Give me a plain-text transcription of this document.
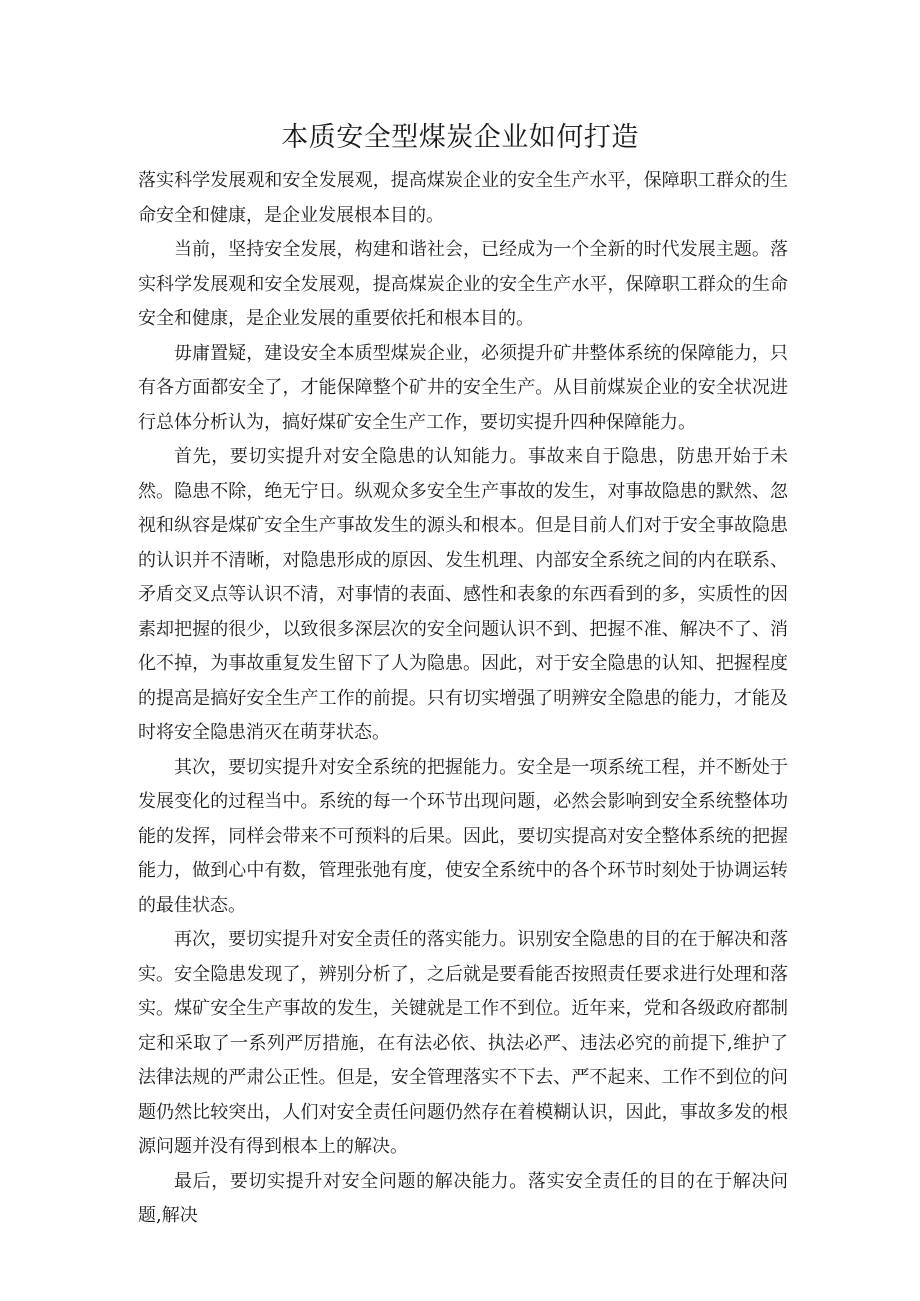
本质安全型煤炭企业如何打造

落实科学发展观和安全发展观，提高煤炭企业的安全生产水平，保障职工群众的生命安全和健康，是企业发展根本目的。

当前，坚持安全发展，构建和谐社会，已经成为一个全新的时代发展主题。落实科学发展观和安全发展观，提高煤炭企业的安全生产水平，保障职工群众的生命安全和健康，是企业发展的重要依托和根本目的。

毋庸置疑，建设安全本质型煤炭企业，必须提升矿井整体系统的保障能力，只有各方面都安全了，才能保障整个矿井的安全生产。从目前煤炭企业的安全状况进行总体分析认为，搞好煤矿安全生产工作，要切实提升四种保障能力。

首先，要切实提升对安全隐患的认知能力。事故来自于隐患，防患开始于未然。隐患不除，绝无宁日。纵观众多安全生产事故的发生，对事故隐患的默然、忽视和纵容是煤矿安全生产事故发生的源头和根本。但是目前人们对于安全事故隐患的认识并不清晰，对隐患形成的原因、发生机理、内部安全系统之间的内在联系、矛盾交叉点等认识不清，对事情的表面、感性和表象的东西看到的多，实质性的因素却把握的很少，以致很多深层次的安全问题认识不到、把握不准、解决不了、消化不掉，为事故重复发生留下了人为隐患。因此，对于安全隐患的认知、把握程度的提高是搞好安全生产工作的前提。只有切实增强了明辨安全隐患的能力，才能及时将安全隐患消灭在萌芽状态。

其次，要切实提升对安全系统的把握能力。安全是一项系统工程，并不断处于发展变化的过程当中。系统的每一个环节出现问题，必然会影响到安全系统整体功能的发挥，同样会带来不可预料的后果。因此，要切实提高对安全整体系统的把握能力，做到心中有数，管理张弛有度，使安全系统中的各个环节时刻处于协调运转的最佳状态。

再次，要切实提升对安全责任的落实能力。识别安全隐患的目的在于解决和落实。安全隐患发现了，辨别分析了，之后就是要看能否按照责任要求进行处理和落实。煤矿安全生产事故的发生，关键就是工作不到位。近年来，党和各级政府都制定和采取了一系列严厉措施，在有法必依、执法必严、违法必究的前提下,维护了法律法规的严肃公正性。但是，安全管理落实不下去、严不起来、工作不到位的问题仍然比较突出，人们对安全责任问题仍然存在着模糊认识，因此，事故多发的根源问题并没有得到根本上的解决。

最后，要切实提升对安全问题的解决能力。落实安全责任的目的在于解决问题,解决
